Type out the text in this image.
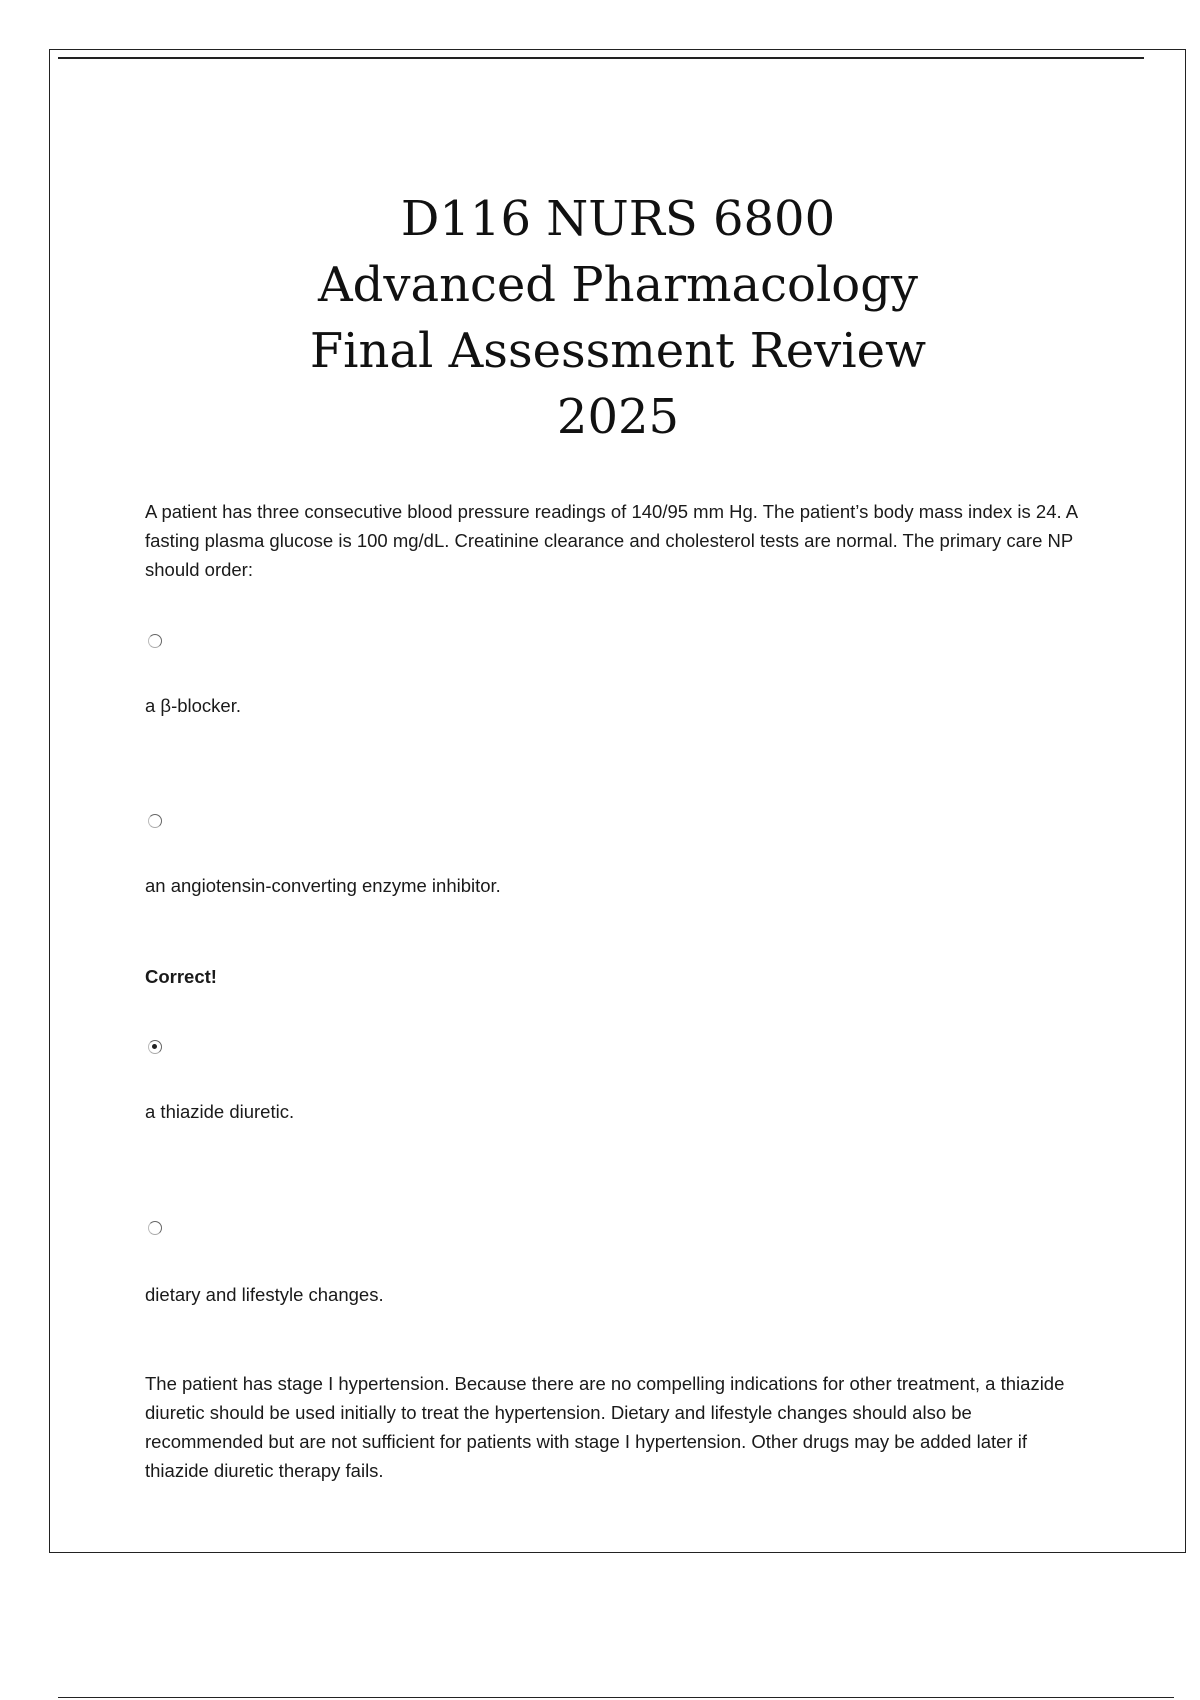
D116 NURS 6800
Advanced Pharmacology
Final Assessment Review
2025
A patient has three consecutive blood pressure readings of 140/95 mm Hg. The patient’s body mass index is 24. A fasting plasma glucose is 100 mg/dL. Creatinine clearance and cholesterol tests are normal. The primary care NP should order:
a β-blocker.
an angiotensin-converting enzyme inhibitor.
Correct!
a thiazide diuretic.
dietary and lifestyle changes.
The patient has stage I hypertension. Because there are no compelling indications for other treatment, a thiazide diuretic should be used initially to treat the hypertension. Dietary and lifestyle changes should also be recommended but are not sufficient for patients with stage I hypertension. Other drugs may be added later if thiazide diuretic therapy fails.
